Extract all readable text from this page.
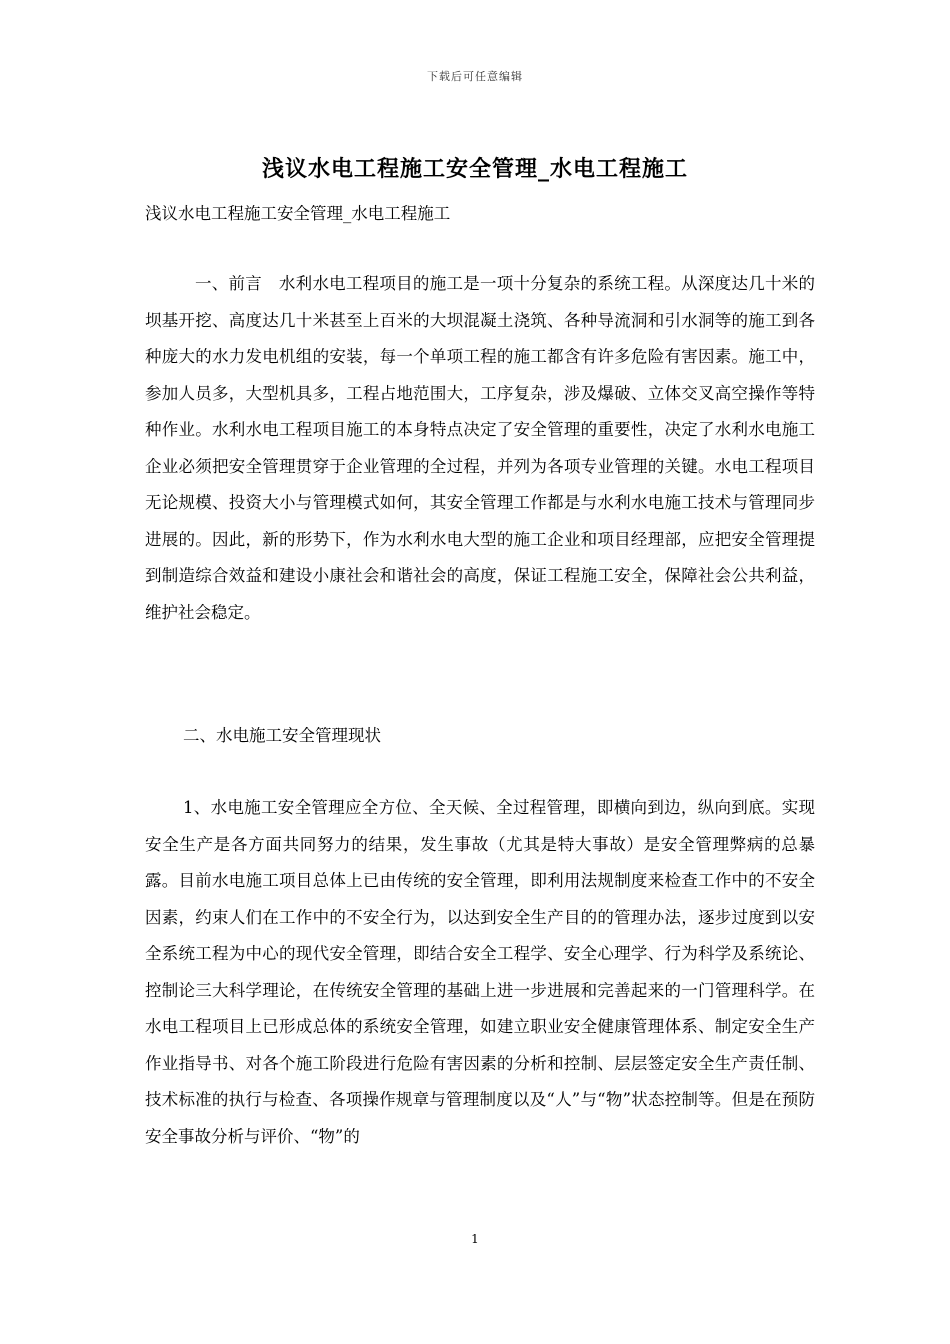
下载后可任意编辑
浅议水电工程施工安全管理_水电工程施工
浅议水电工程施工安全管理_水电工程施工

一、前言　水利水电工程项目的施工是一项十分复杂的系统工程。从深度达几十米的坝基开挖、高度达几十米甚至上百米的大坝混凝土浇筑、各种导流洞和引水洞等的施工到各种庞大的水力发电机组的安装，每一个单项工程的施工都含有许多危险有害因素。施工中，参加人员多，大型机具多，工程占地范围大，工序复杂，涉及爆破、立体交叉高空操作等特种作业。水利水电工程项目施工的本身特点决定了安全管理的重要性，决定了水利水电施工企业必须把安全管理贯穿于企业管理的全过程，并列为各项专业管理的关键。水电工程项目无论规模、投资大小与管理模式如何，其安全管理工作都是与水利水电施工技术与管理同步进展的。因此，新的形势下，作为水利水电大型的施工企业和项目经理部，应把安全管理提到制造综合效益和建设小康社会和谐社会的高度，保证工程施工安全，保障社会公共利益，维护社会稳定。

二、水电施工安全管理现状

1、水电施工安全管理应全方位、全天候、全过程管理，即横向到边，纵向到底。实现安全生产是各方面共同努力的结果，发生事故（尤其是特大事故）是安全管理弊病的总暴露。目前水电施工项目总体上已由传统的安全管理，即利用法规制度来检查工作中的不安全因素，约束人们在工作中的不安全行为，以达到安全生产目的的管理办法，逐步过度到以安全系统工程为中心的现代安全管理，即结合安全工程学、安全心理学、行为科学及系统论、控制论三大科学理论，在传统安全管理的基础上进一步进展和完善起来的一门管理科学。在水电工程项目上已形成总体的系统安全管理，如建立职业安全健康管理体系、制定安全生产作业指导书、对各个施工阶段进行危险有害因素的分析和控制、层层签定安全生产责任制、技术标准的执行与检查、各项操作规章与管理制度以及“人”与“物”状态控制等。但是在预防安全事故分析与评价、“物”的

1
